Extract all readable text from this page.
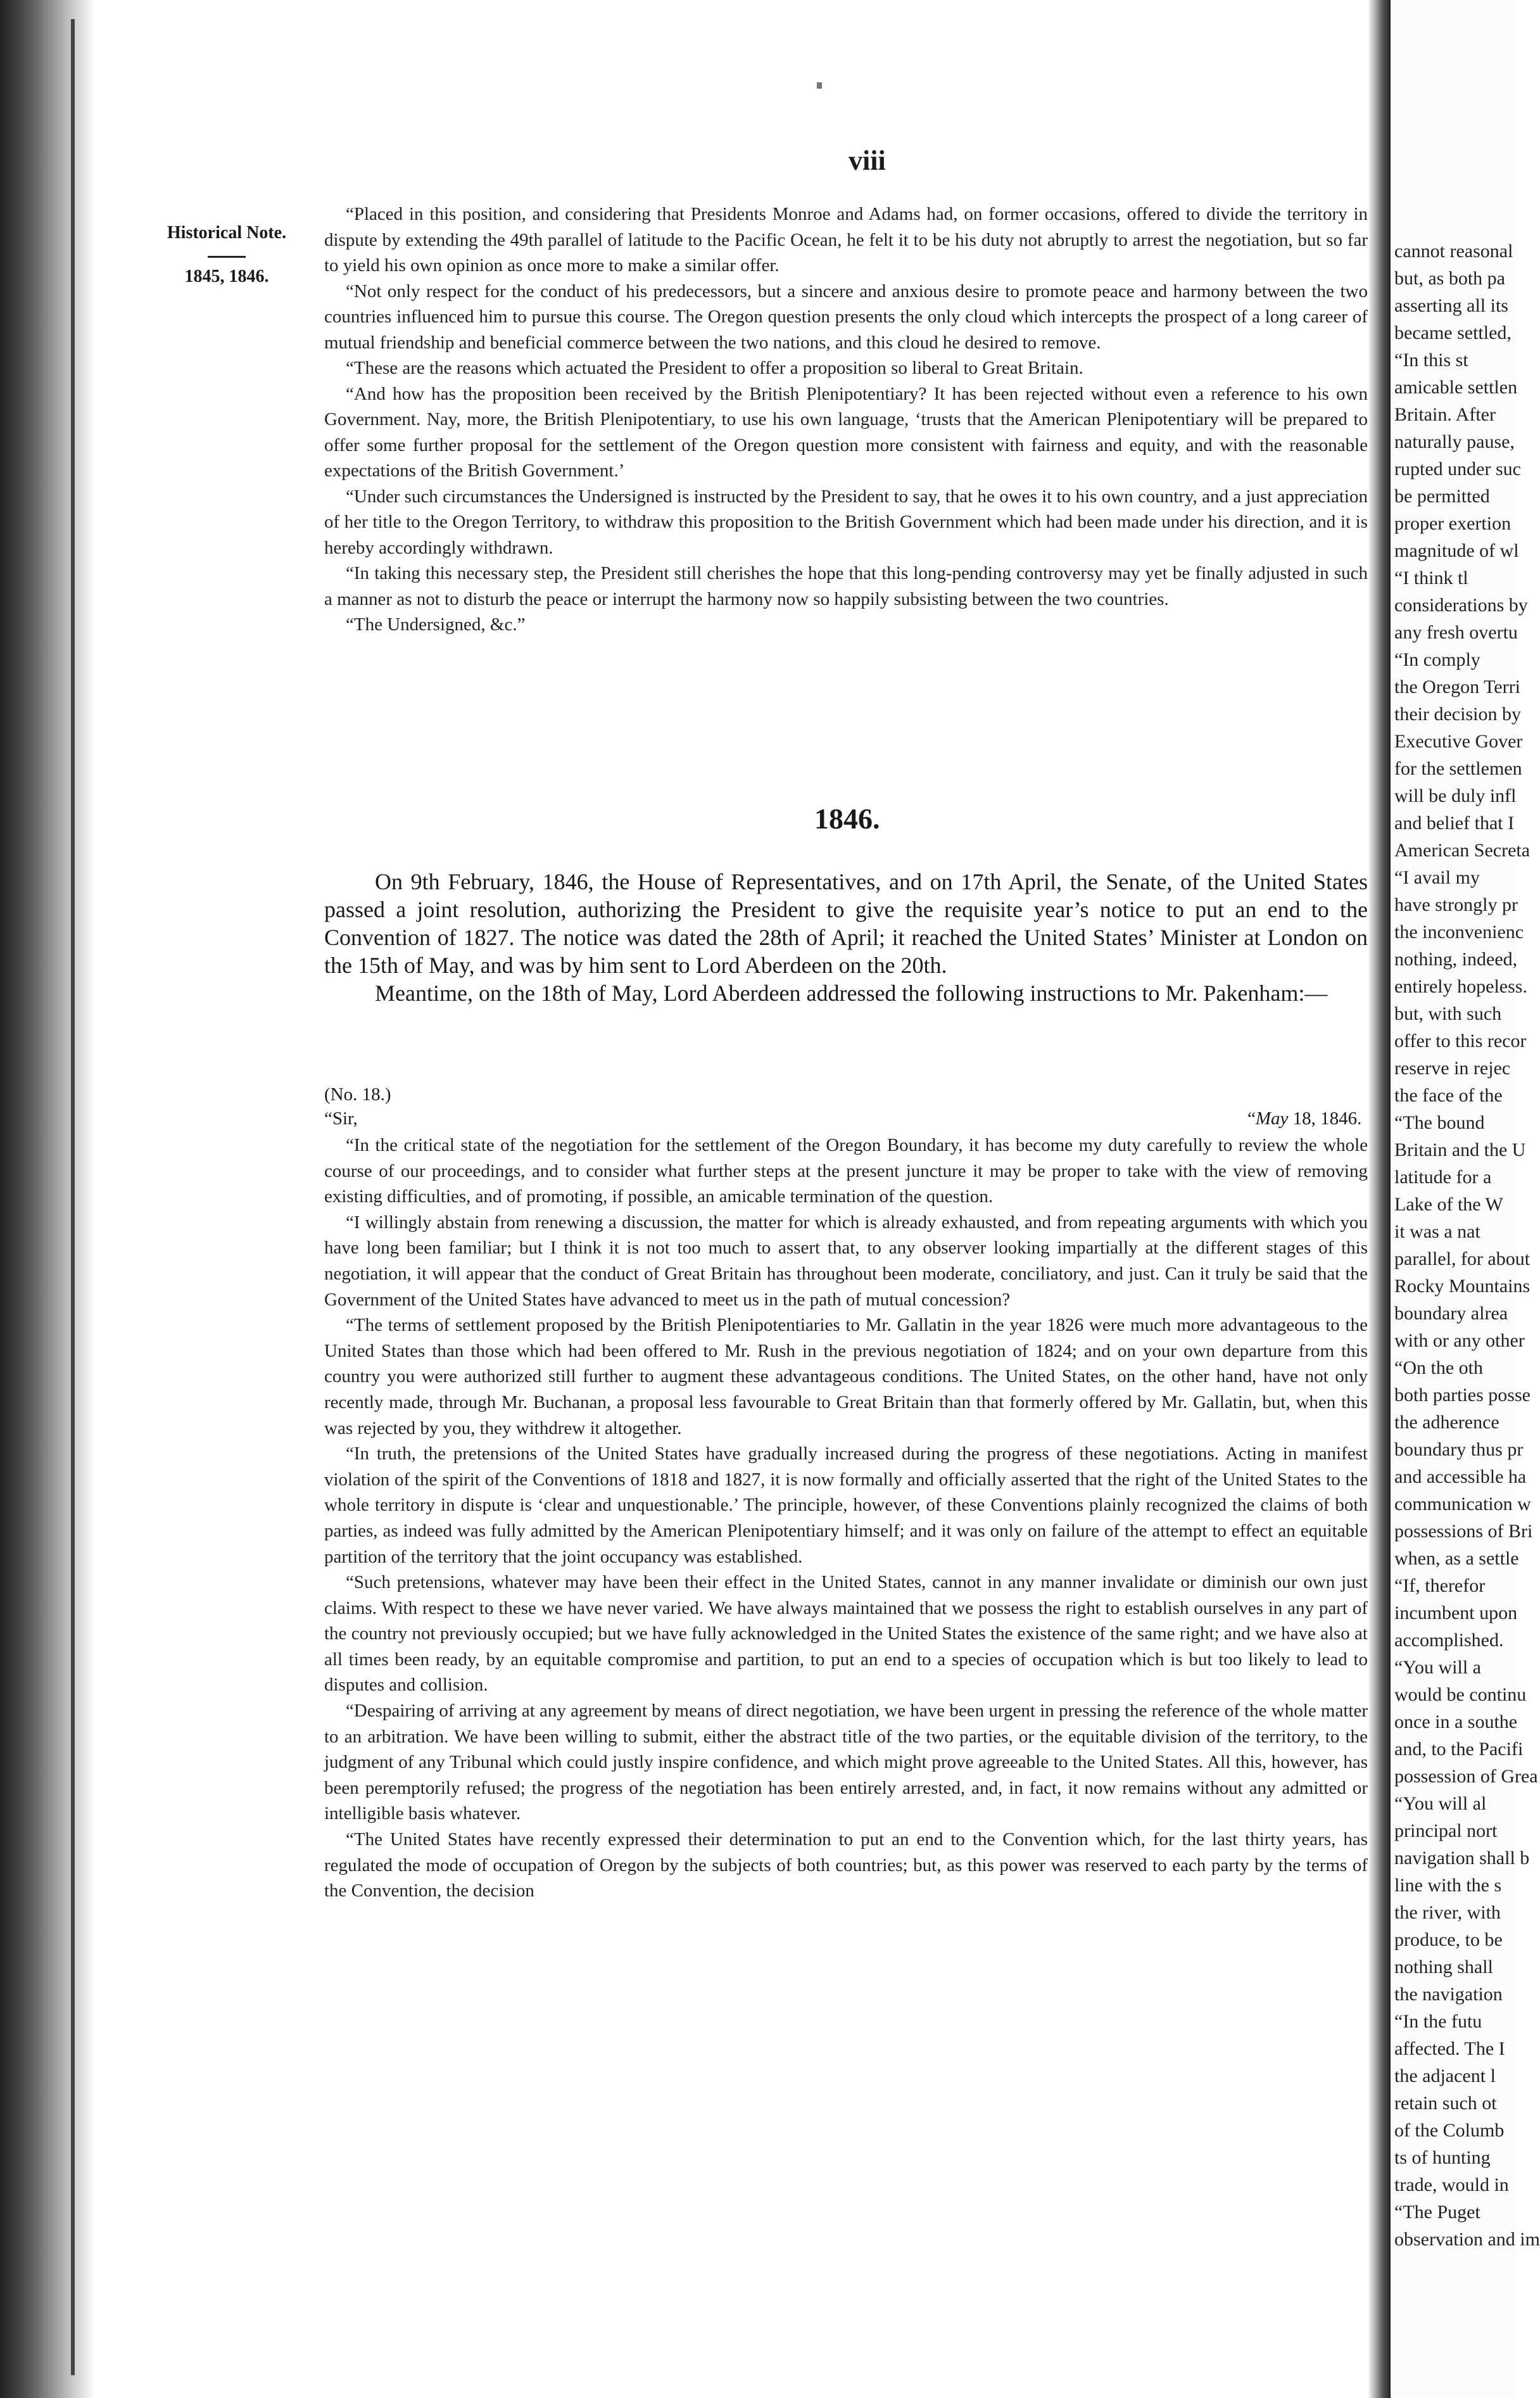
viii
Historical Note.
1845, 1846.

“Placed in this position, and considering that Presidents Monroe and Adams had, on former occasions, offered to divide the territory in dispute by extending the 49th parallel of latitude to the Pacific Ocean, he felt it to be his duty not abruptly to arrest the negotiation, but so far to yield his own opinion as once more to make a similar offer.

“Not only respect for the conduct of his predecessors, but a sincere and anxious desire to promote peace and harmony between the two countries influenced him to pursue this course. The Oregon question presents the only cloud which intercepts the prospect of a long career of mutual friendship and beneficial commerce between the two nations, and this cloud he desired to remove.

“These are the reasons which actuated the President to offer a proposition so liberal to Great Britain.

“And how has the proposition been received by the British Plenipotentiary? It has been rejected without even a reference to his own Government. Nay, more, the British Plenipotentiary, to use his own language, ‘trusts that the American Plenipotentiary will be prepared to offer some further proposal for the settlement of the Oregon question more consistent with fairness and equity, and with the reasonable expectations of the British Government.’

“Under such circumstances the Undersigned is instructed by the President to say, that he owes it to his own country, and a just appreciation of her title to the Oregon Territory, to withdraw this proposition to the British Government which had been made under his direction, and it is hereby accordingly withdrawn.

“In taking this necessary step, the President still cherishes the hope that this long-pending controversy may yet be finally adjusted in such a manner as not to disturb the peace or interrupt the harmony now so happily subsisting between the two countries.

“The Undersigned, &c.”

1846.

On 9th February, 1846, the House of Representatives, and on 17th April, the Senate, of the United States passed a joint resolution, authorizing the President to give the requisite year’s notice to put an end to the Convention of 1827. The notice was dated the 28th of April; it reached the United States’ Minister at London on the 15th of May, and was by him sent to Lord Aberdeen on the 20th.

Meantime, on the 18th of May, Lord Aberdeen addressed the following instructions to Mr. Pakenham:—

(No. 18.)
“Sir,	“May 18, 1846.

“In the critical state of the negotiation for the settlement of the Oregon Boundary, it has become my duty carefully to review the whole course of our proceedings, and to consider what further steps at the present juncture it may be proper to take with the view of removing existing difficulties, and of promoting, if possible, an amicable termination of the question.

“I willingly abstain from renewing a discussion, the matter for which is already exhausted, and from repeating arguments with which you have long been familiar; but I think it is not too much to assert that, to any observer looking impartially at the different stages of this negotiation, it will appear that the conduct of Great Britain has throughout been moderate, conciliatory, and just. Can it truly be said that the Government of the United States have advanced to meet us in the path of mutual concession?

“The terms of settlement proposed by the British Plenipotentiaries to Mr. Gallatin in the year 1826 were much more advantageous to the United States than those which had been offered to Mr. Rush in the previous negotiation of 1824; and on your own departure from this country you were authorized still further to augment these advantageous conditions. The United States, on the other hand, have not only recently made, through Mr. Buchanan, a proposal less favourable to Great Britain than that formerly offered by Mr. Gallatin, but, when this was rejected by you, they withdrew it altogether.

“In truth, the pretensions of the United States have gradually increased during the progress of these negotiations. Acting in manifest violation of the spirit of the Conventions of 1818 and 1827, it is now formally and officially asserted that the right of the United States to the whole territory in dispute is ‘clear and unquestionable.’ The principle, however, of these Conventions plainly recognized the claims of both parties, as indeed was fully admitted by the American Plenipotentiary himself; and it was only on failure of the attempt to effect an equitable partition of the territory that the joint occupancy was established.

“Such pretensions, whatever may have been their effect in the United States, cannot in any manner invalidate or diminish our own just claims. With respect to these we have never varied. We have always maintained that we possess the right to establish ourselves in any part of the country not previously occupied; but we have fully acknowledged in the United States the existence of the same right; and we have also at all times been ready, by an equitable compromise and partition, to put an end to a species of occupation which is but too likely to lead to disputes and collision.

“Despairing of arriving at any agreement by means of direct negotiation, we have been urgent in pressing the reference of the whole matter to an arbitration. We have been willing to submit, either the abstract title of the two parties, or the equitable division of the territory, to the judgment of any Tribunal which could justly inspire confidence, and which might prove agreeable to the United States. All this, however, has been peremptorily refused; the progress of the negotiation has been entirely arrested, and, in fact, it now remains without any admitted or intelligible basis whatever.

“The United States have recently expressed their determination to put an end to the Convention which, for the last thirty years, has regulated the mode of occupation of Oregon by the subjects of both countries; but, as this power was reserved to each party by the terms of the Convention, the decision

cannot reasonal
but, as both pa
asserting all its
became settled,
“In this st
amicable settlen
Britain. After
naturally pause,
rupted under suc
be permitted
proper exertion
magnitude of wl
“I think tl
considerations by
any fresh overtu
“In comply
the Oregon Terri
their decision by
Executive Gover
for the settlemen
will be duly infl
and belief that I
American Secreta
“I avail my
have strongly pr
the inconvenienc
nothing, indeed,
entirely hopeless.
but, with such
offer to this recor
reserve in rejec
the face of the
“The bound
Britain and the U
latitude for a
Lake of the W
it was a nat
parallel, for about
Rocky Mountains
boundary alrea
with or any other
“On the oth
both parties posse
the adherence
boundary thus pr
and accessible ha
communication w
possessions of Bri
when, as a settle
“If, therefor
incumbent upon
accomplished.
“You will a
would be continu
once in a southe
and, to the Pacifi
possession of Grea
“You will al
principal nort
navigation shall b
line with the s
the river, with
produce, to be
nothing shall
the navigation
“In the futu
affected. The I
the adjacent l
retain such ot
of the Columb
ts of hunting
trade, would in
“The Puget
observation and im
